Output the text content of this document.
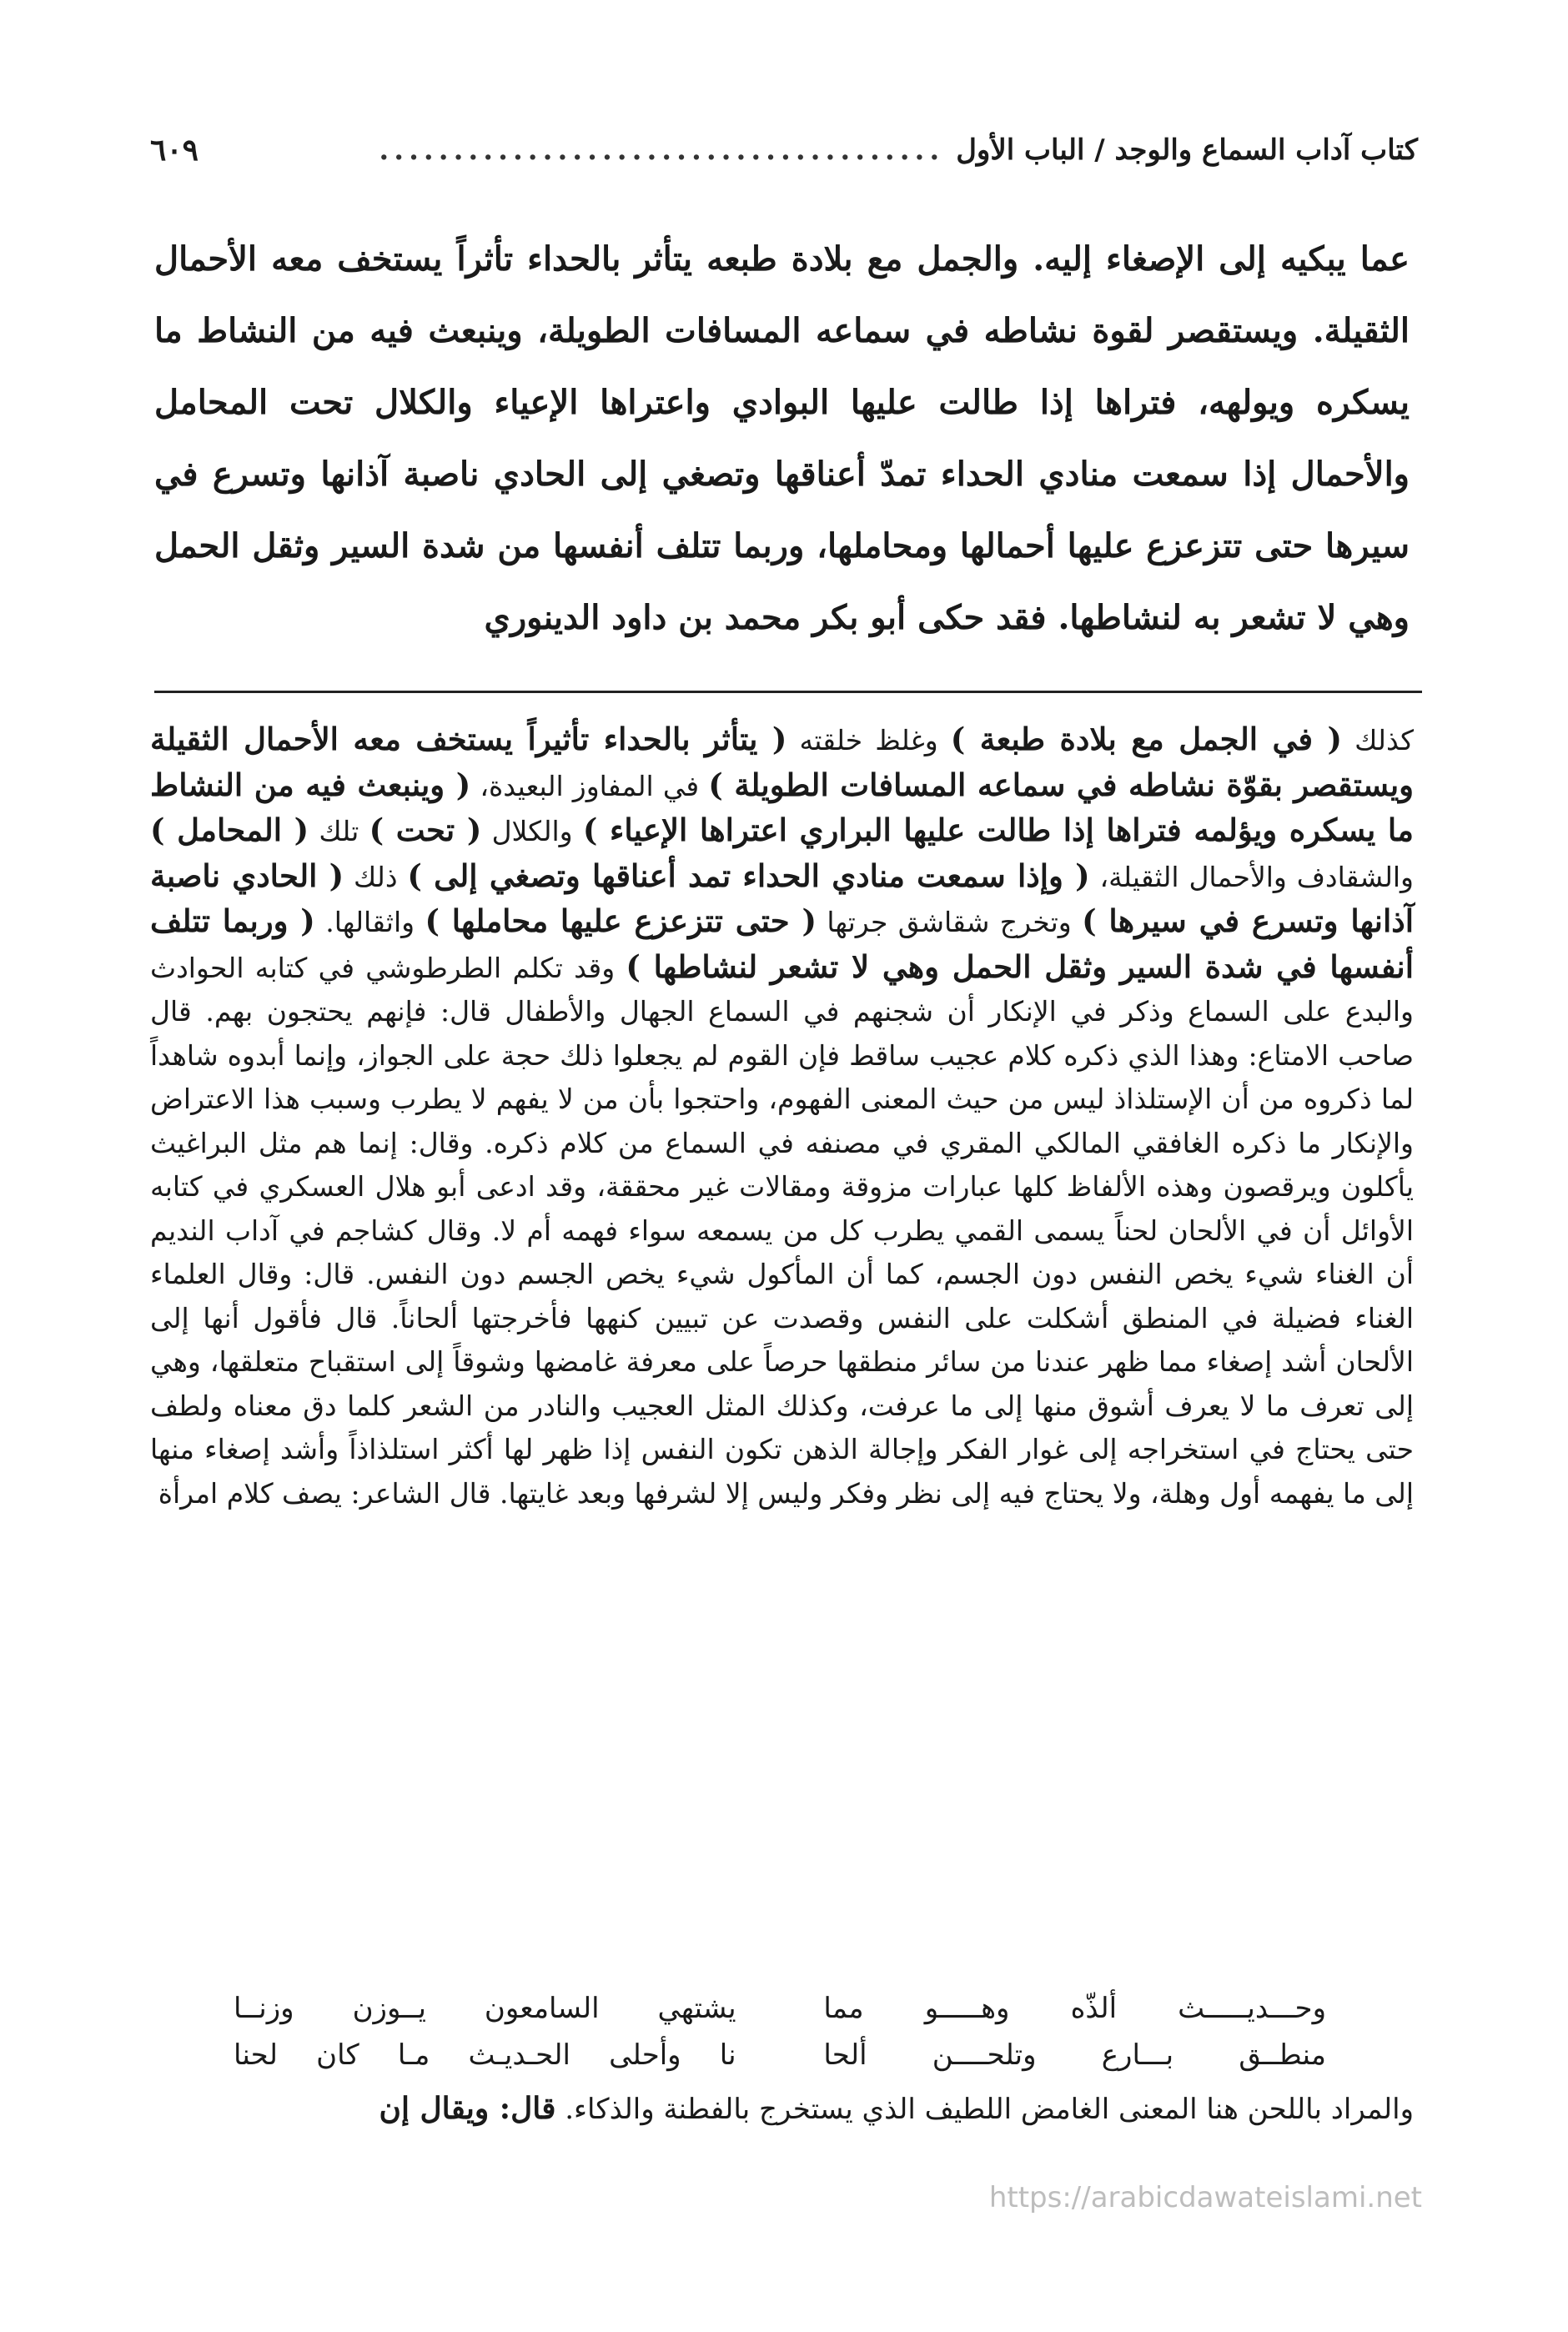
كتاب آداب السماع والوجد / الباب الأول
......................................
٦٠٩

عما يبكيه إلى الإصغاء إليه. والجمل مع بلادة طبعه يتأثر بالحداء تأثراً يستخف معه الأحمال الثقيلة. ويستقصر لقوة نشاطه في سماعه المسافات الطويلة، وينبعث فيه من النشاط ما يسكره ويولهه، فتراها إذا طالت عليها البوادي واعتراها الإعياء والكلال تحت المحامل والأحمال إذا سمعت منادي الحداء تمدّ أعناقها وتصغي إلى الحادي ناصبة آذانها وتسرع في سيرها حتى تتزعزع عليها أحمالها ومحاملها، وربما تتلف أنفسها من شدة السير وثقل الحمل وهي لا تشعر به لنشاطها. فقد حكى أبو بكر محمد بن داود الدينوري

كذلك ( في الجمل مع بلادة طبعة ) وغلظ خلقته ( يتأثر بالحداء تأثيراً يستخف معه الأحمال الثقيلة ويستقصر بقوّة نشاطه في سماعه المسافات الطويلة ) في المفاوز البعيدة، ( وينبعث فيه من النشاط ما يسكره ويؤلمه فتراها إذا طالت عليها البراري اعتراها الإعياء ) والكلال ( تحت ) تلك ( المحامل ) والشقادف والأحمال الثقيلة، ( وإذا سمعت منادي الحداء تمد أعناقها وتصغي إلى ) ذلك ( الحادي ناصبة آذانها وتسرع في سيرها ) وتخرج شقاشق جرتها ( حتى تتزعزع عليها محاملها ) واثقالها. ( وربما تتلف أنفسها في شدة السير وثقل الحمل وهي لا تشعر لنشاطها ) وقد تكلم الطرطوشي في كتابه الحوادث والبدع على السماع وذكر في الإنكار أن شجنهم في السماع الجهال والأطفال قال: فإنهم يحتجون بهم. قال صاحب الامتاع: وهذا الذي ذكره كلام عجيب ساقط فإن القوم لم يجعلوا ذلك حجة على الجواز، وإنما أبدوه شاهداً لما ذكروه من أن الإستلذاذ ليس من حيث المعنى الفهوم، واحتجوا بأن من لا يفهم لا يطرب وسبب هذا الاعتراض والإنكار ما ذكره الغافقي المالكي المقري في مصنفه في السماع من كلام ذكره. وقال: إنما هم مثل البراغيث يأكلون ويرقصون وهذه الألفاظ كلها عبارات مزوقة ومقالات غير محققة، وقد ادعى أبو هلال العسكري في كتابه الأوائل أن في الألحان لحناً يسمى القمي يطرب كل من يسمعه سواء فهمه أم لا. وقال كشاجم في آداب النديم أن الغناء شيء يخص النفس دون الجسم، كما أن المأكول شيء يخص الجسم دون النفس. قال: وقال العلماء الغناء فضيلة في المنطق أشكلت على النفس وقصدت عن تبيين كنهها فأخرجتها ألحاناً. قال فأقول أنها إلى الألحان أشد إصغاء مما ظهر عندنا من سائر منطقها حرصاً على معرفة غامضها وشوقاً إلى استقباح متعلقها، وهي إلى تعرف ما لا يعرف أشوق منها إلى ما عرفت، وكذلك المثل العجيب والنادر من الشعر كلما دق معناه ولطف حتى يحتاج في استخراجه إلى غوار الفكر وإجالة الذهن تكون النفس إذا ظهر لها أكثر استلذاذاً وأشد إصغاء منها إلى ما يفهمه أول وهلة، ولا يحتاج فيه إلى نظر وفكر وليس إلا لشرفها وبعد غايتها. قال الشاعر: يصف كلام امرأة

وحـــديـــــث ألذّه وهـــــو مما
يشتهي السامعون يــوزن وزنــا
منطــق بـــارع وتلحــــن ألحا
نا وأحلى الحـديـث مـا كان لحنا
والمراد باللحن هنا المعنى الغامض اللطيف الذي يستخرج بالفطنة والذكاء. قال: ويقال إن
https://arabicdawateislami.net
